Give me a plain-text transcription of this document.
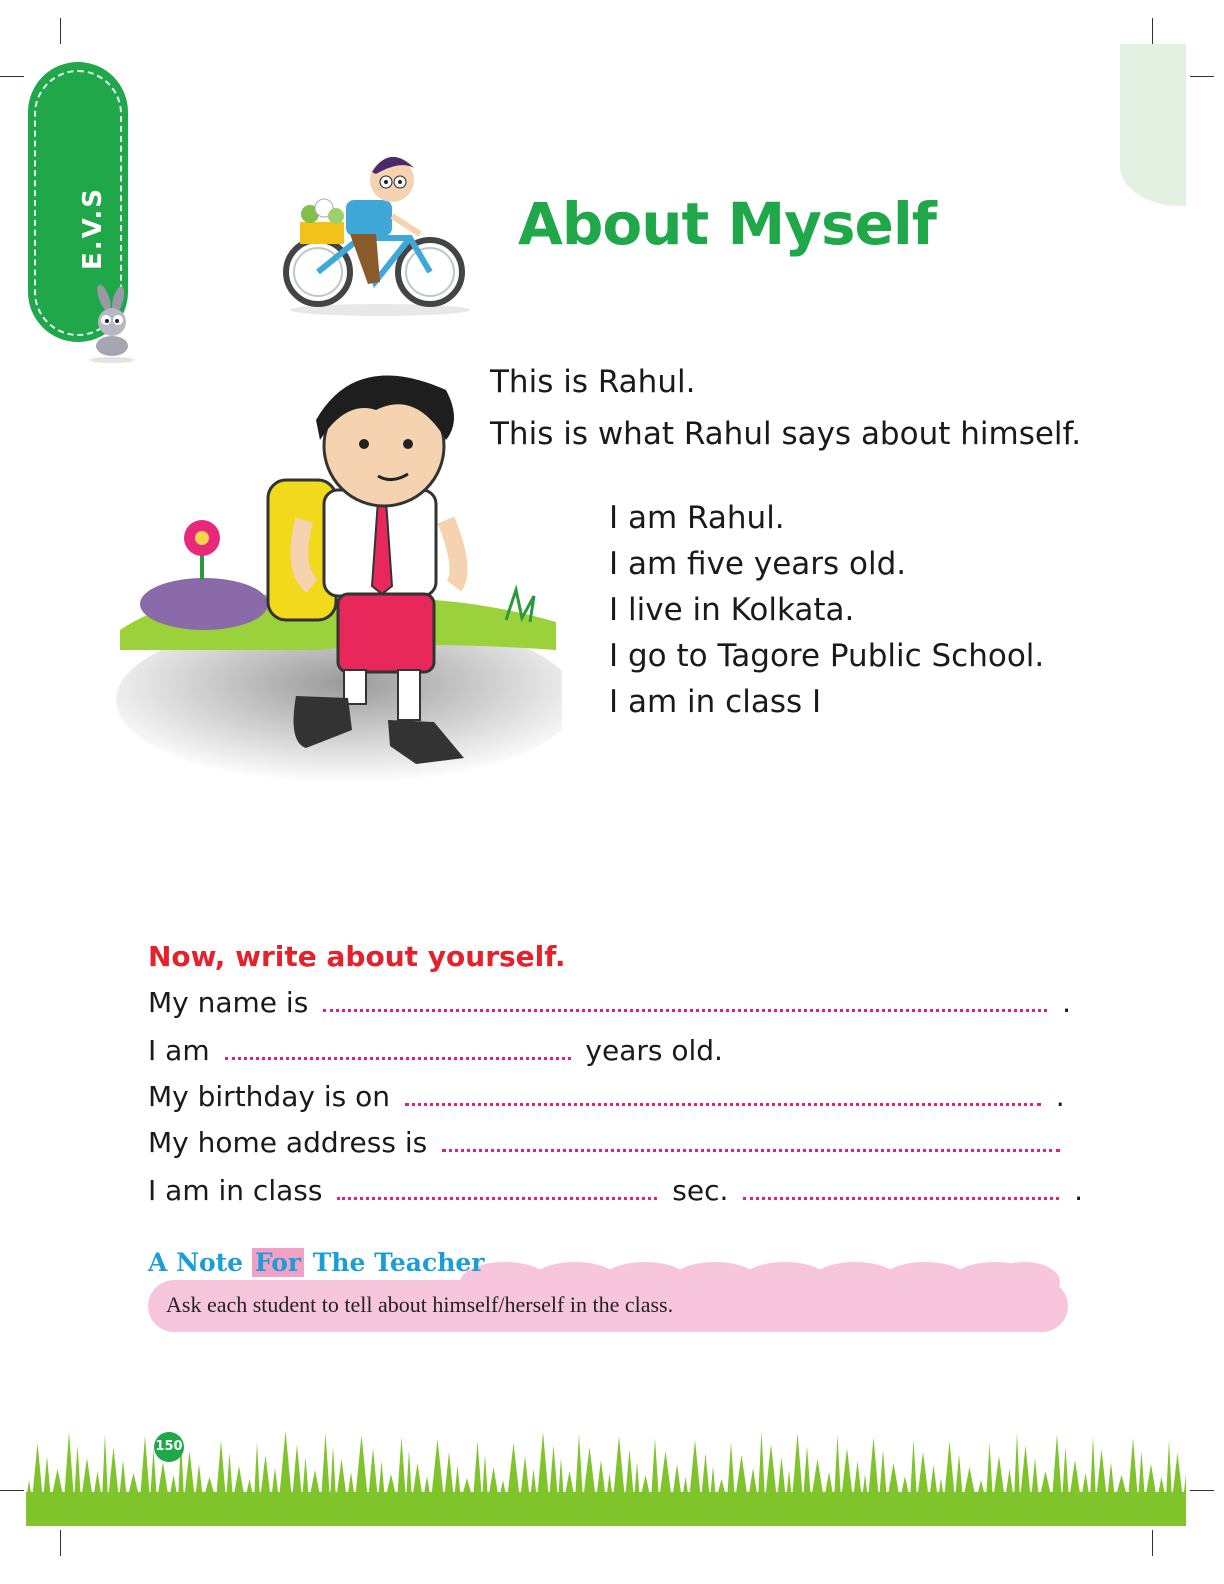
E.V.S	About Myself
This is Rahul.
This is what Rahul says about himself.
I am Rahul.
I am five years old.
I live in Kolkata.
I go to Tagore Public School.
I am in class I
Now, write about yourself.
My name is	.
I am	years old.
My birthday is on	.
My home address is
I am in class	sec.	.
A Note For The Teacher
Ask each student to tell about himself/herself in the class.
150
